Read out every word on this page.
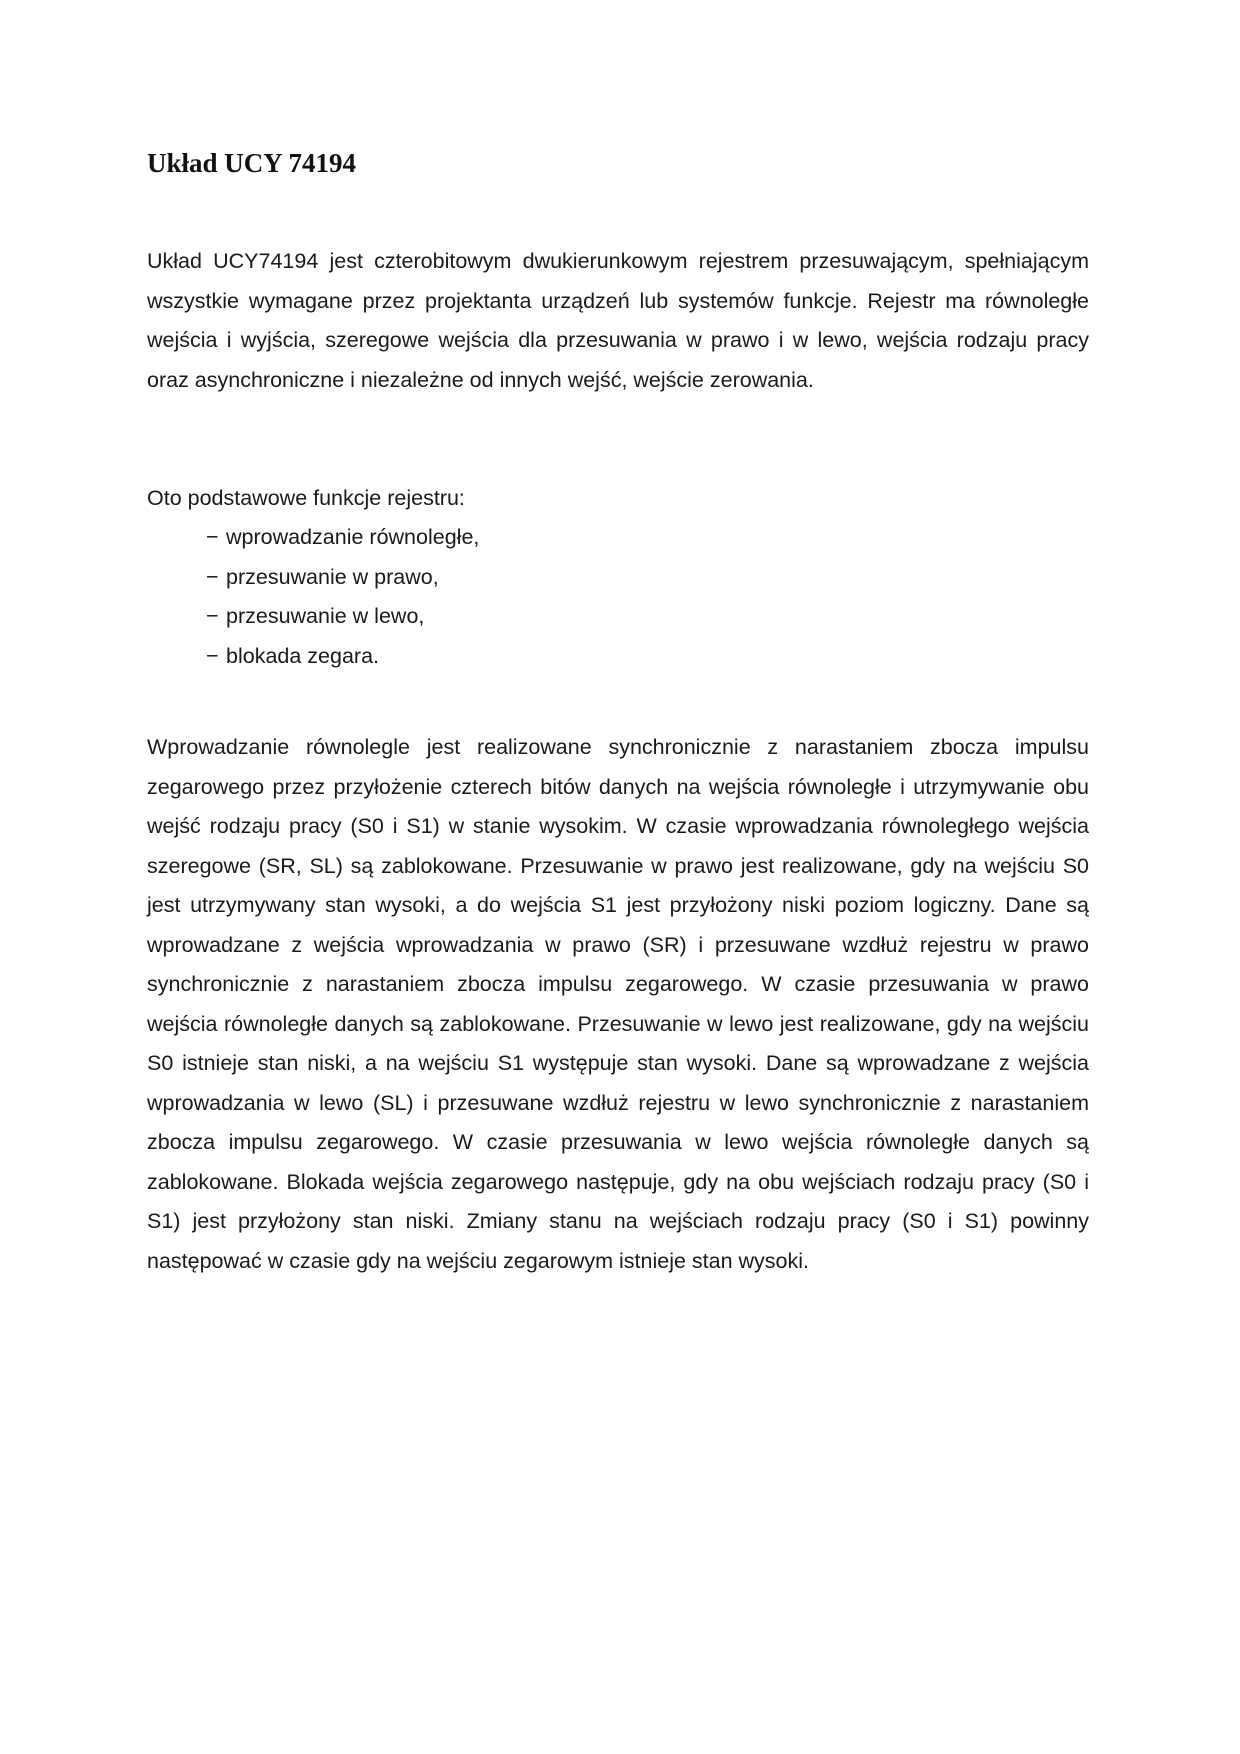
Układ UCY 74194

Układ UCY74194 jest czterobitowym dwukierunkowym rejestrem przesuwającym, spełniającym wszystkie wymagane przez projektanta urządzeń lub systemów funkcje. Rejestr ma równoległe wejścia i wyjścia, szeregowe wejścia dla przesuwania w prawo i w lewo, wejścia rodzaju pracy oraz asynchroniczne i niezależne od innych wejść, wejście zerowania.

Oto podstawowe funkcje rejestru:

− wprowadzanie równoległe,
− przesuwanie w prawo,
− przesuwanie w lewo,
− blokada zegara.

Wprowadzanie równolegle jest realizowane synchronicznie z narastaniem zbocza impulsu zegarowego przez przyłożenie czterech bitów danych na wejścia równoległe i utrzymywanie obu wejść rodzaju pracy (S0 i S1) w stanie wysokim. W czasie wprowadzania równoległego wejścia szeregowe (SR, SL) są zablokowane. Przesuwanie w prawo jest realizowane, gdy na wejściu S0 jest utrzymywany stan wysoki, a do wejścia S1 jest przyłożony niski poziom logiczny. Dane są wprowadzane z wejścia wprowadzania w prawo (SR) i przesuwane wzdłuż rejestru w prawo synchronicznie z narastaniem zbocza impulsu zegarowego. W czasie przesuwania w prawo wejścia równoległe danych są zablokowane. Przesuwanie w lewo jest realizowane, gdy na wejściu S0 istnieje stan niski, a na wejściu S1 występuje stan wysoki. Dane są wprowadzane z wejścia wprowadzania w lewo (SL) i przesuwane wzdłuż rejestru w lewo synchronicznie z narastaniem zbocza impulsu zegarowego. W czasie przesuwania w lewo wejścia równoległe danych są zablokowane. Blokada wejścia zegarowego następuje, gdy na obu wejściach rodzaju pracy (S0 i S1) jest przyłożony stan niski. Zmiany stanu na wejściach rodzaju pracy (S0 i S1) powinny następować w czasie gdy na wejściu zegarowym istnieje stan wysoki.
